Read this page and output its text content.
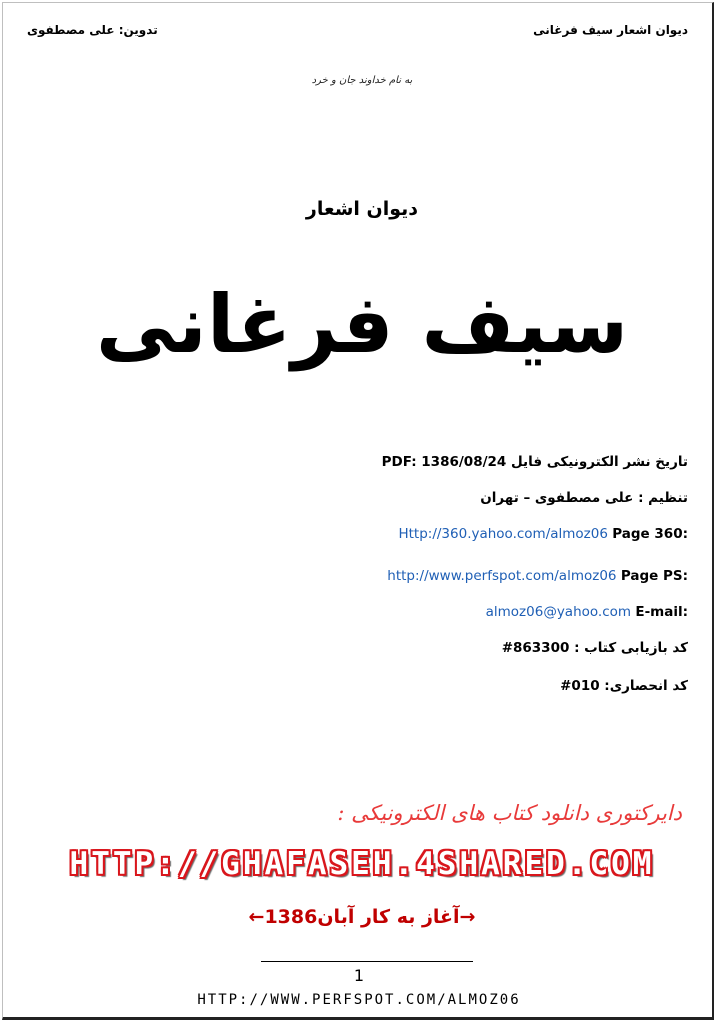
دیوان اشعار سیف فرغانی
تدوین: علی مصطفوی
به نام خداوند جان و خرد
دیوان اشعار
سیف فرغانی
تاریخ نشر الکترونیکی فایل PDF: 1386/08/24
تنظیم : علی مصطفوی – تهران
Http://360.yahoo.com/almoz06 Page 360:
http://www.perfspot.com/almoz06 Page PS:
almoz06@yahoo.com E-mail:
کد بازیابی کتاب : 863300#
کد انحصاری: 010#
دایرکتوری دانلود کتاب های الکترونیکی :
HTTP://GHAFASEH.4SHARED.COM
→آغاز به کار آبان1386←
1
HTTP://WWW.PERFSPOT.COM/ALMOZ06
